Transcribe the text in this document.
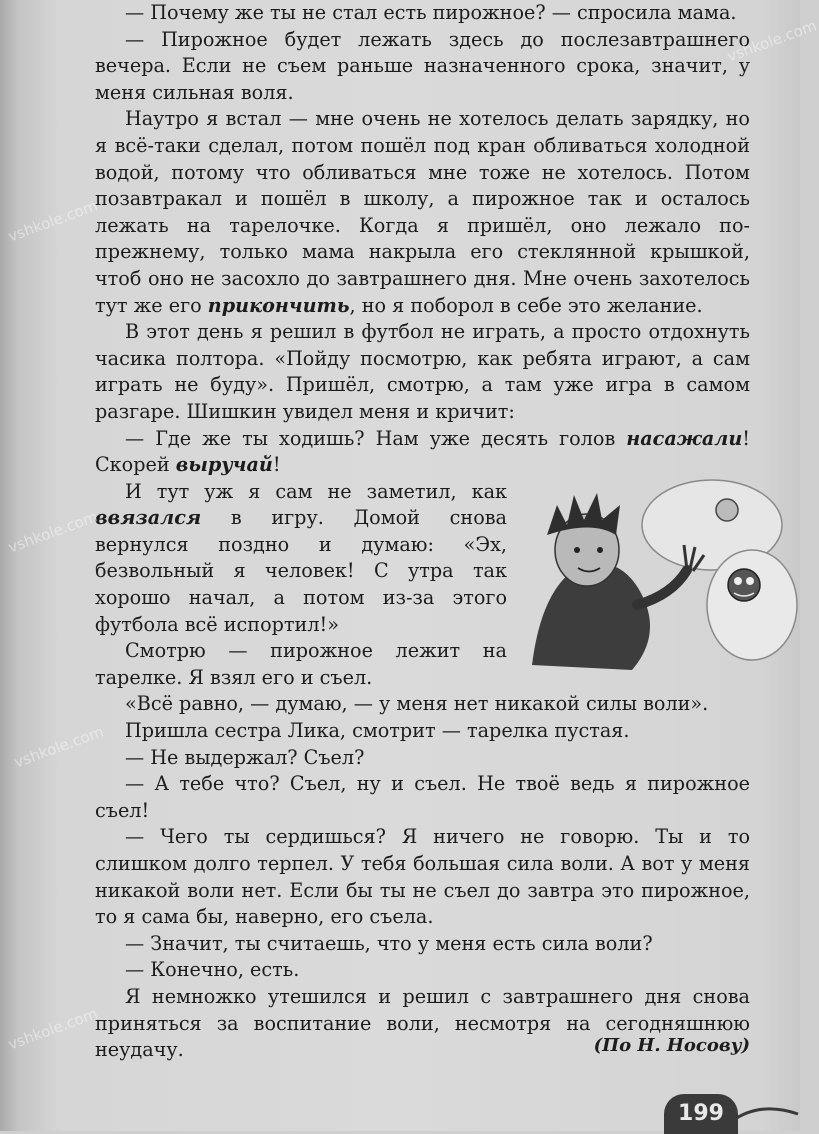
— Почему же ты не стал есть пирожное? — спросила мама.

— Пирожное будет лежать здесь до послезавтрашнего вечера. Если не съем раньше назначенного срока, значит, у меня сильная воля.

Наутро я встал — мне очень не хотелось делать зарядку, но я всё-таки сделал, потом пошёл под кран обливаться холодной водой, потому что обливаться мне тоже не хотелось. Потом позавтракал и пошёл в школу, а пирожное так и осталось лежать на тарелочке. Когда я пришёл, оно лежало по-прежнему, только мама накрыла его стеклянной крышкой, чтоб оно не засохло до завтрашнего дня. Мне очень захотелось тут же его прикончить, но я поборол в себе это желание.

В этот день я решил в футбол не играть, а просто отдохнуть часика полтора. «Пойду посмотрю, как ребята играют, а сам играть не буду». Пришёл, смотрю, а там уже игра в самом разгаре. Шишкин увидел меня и кричит:

— Где же ты ходишь? Нам уже десять голов насажали! Скорей выручай!

И тут уж я сам не заметил, как ввязался в игру. Домой снова вернулся поздно и думаю: «Эх, безвольный я человек! С утра так хорошо начал, а потом из-за этого футбола всё испортил!»

Смотрю — пирожное лежит на тарелке. Я взял его и съел.

«Всё равно, — думаю, — у меня нет никакой силы воли».

Пришла сестра Лика, смотрит — тарелка пустая.

— Не выдержал? Съел?

— А тебе что? Съел, ну и съел. Не твоё ведь я пирожное съел!

— Чего ты сердишься? Я ничего не говорю. Ты и то слишком долго терпел. У тебя большая сила воли. А вот у меня никакой воли нет. Если бы ты не съел до завтра это пирожное, то я сама бы, наверно, его съела.

— Значит, ты считаешь, что у меня есть сила воли?

— Конечно, есть.

Я немножко утешился и решил с завтрашнего дня снова приняться за воспитание воли, несмотря на сегодняшнюю неудачу.	(По Н. Носову)
199
vshkole.com
vshkole.com
vshkole.com
vshkole.com
vshkole.com
